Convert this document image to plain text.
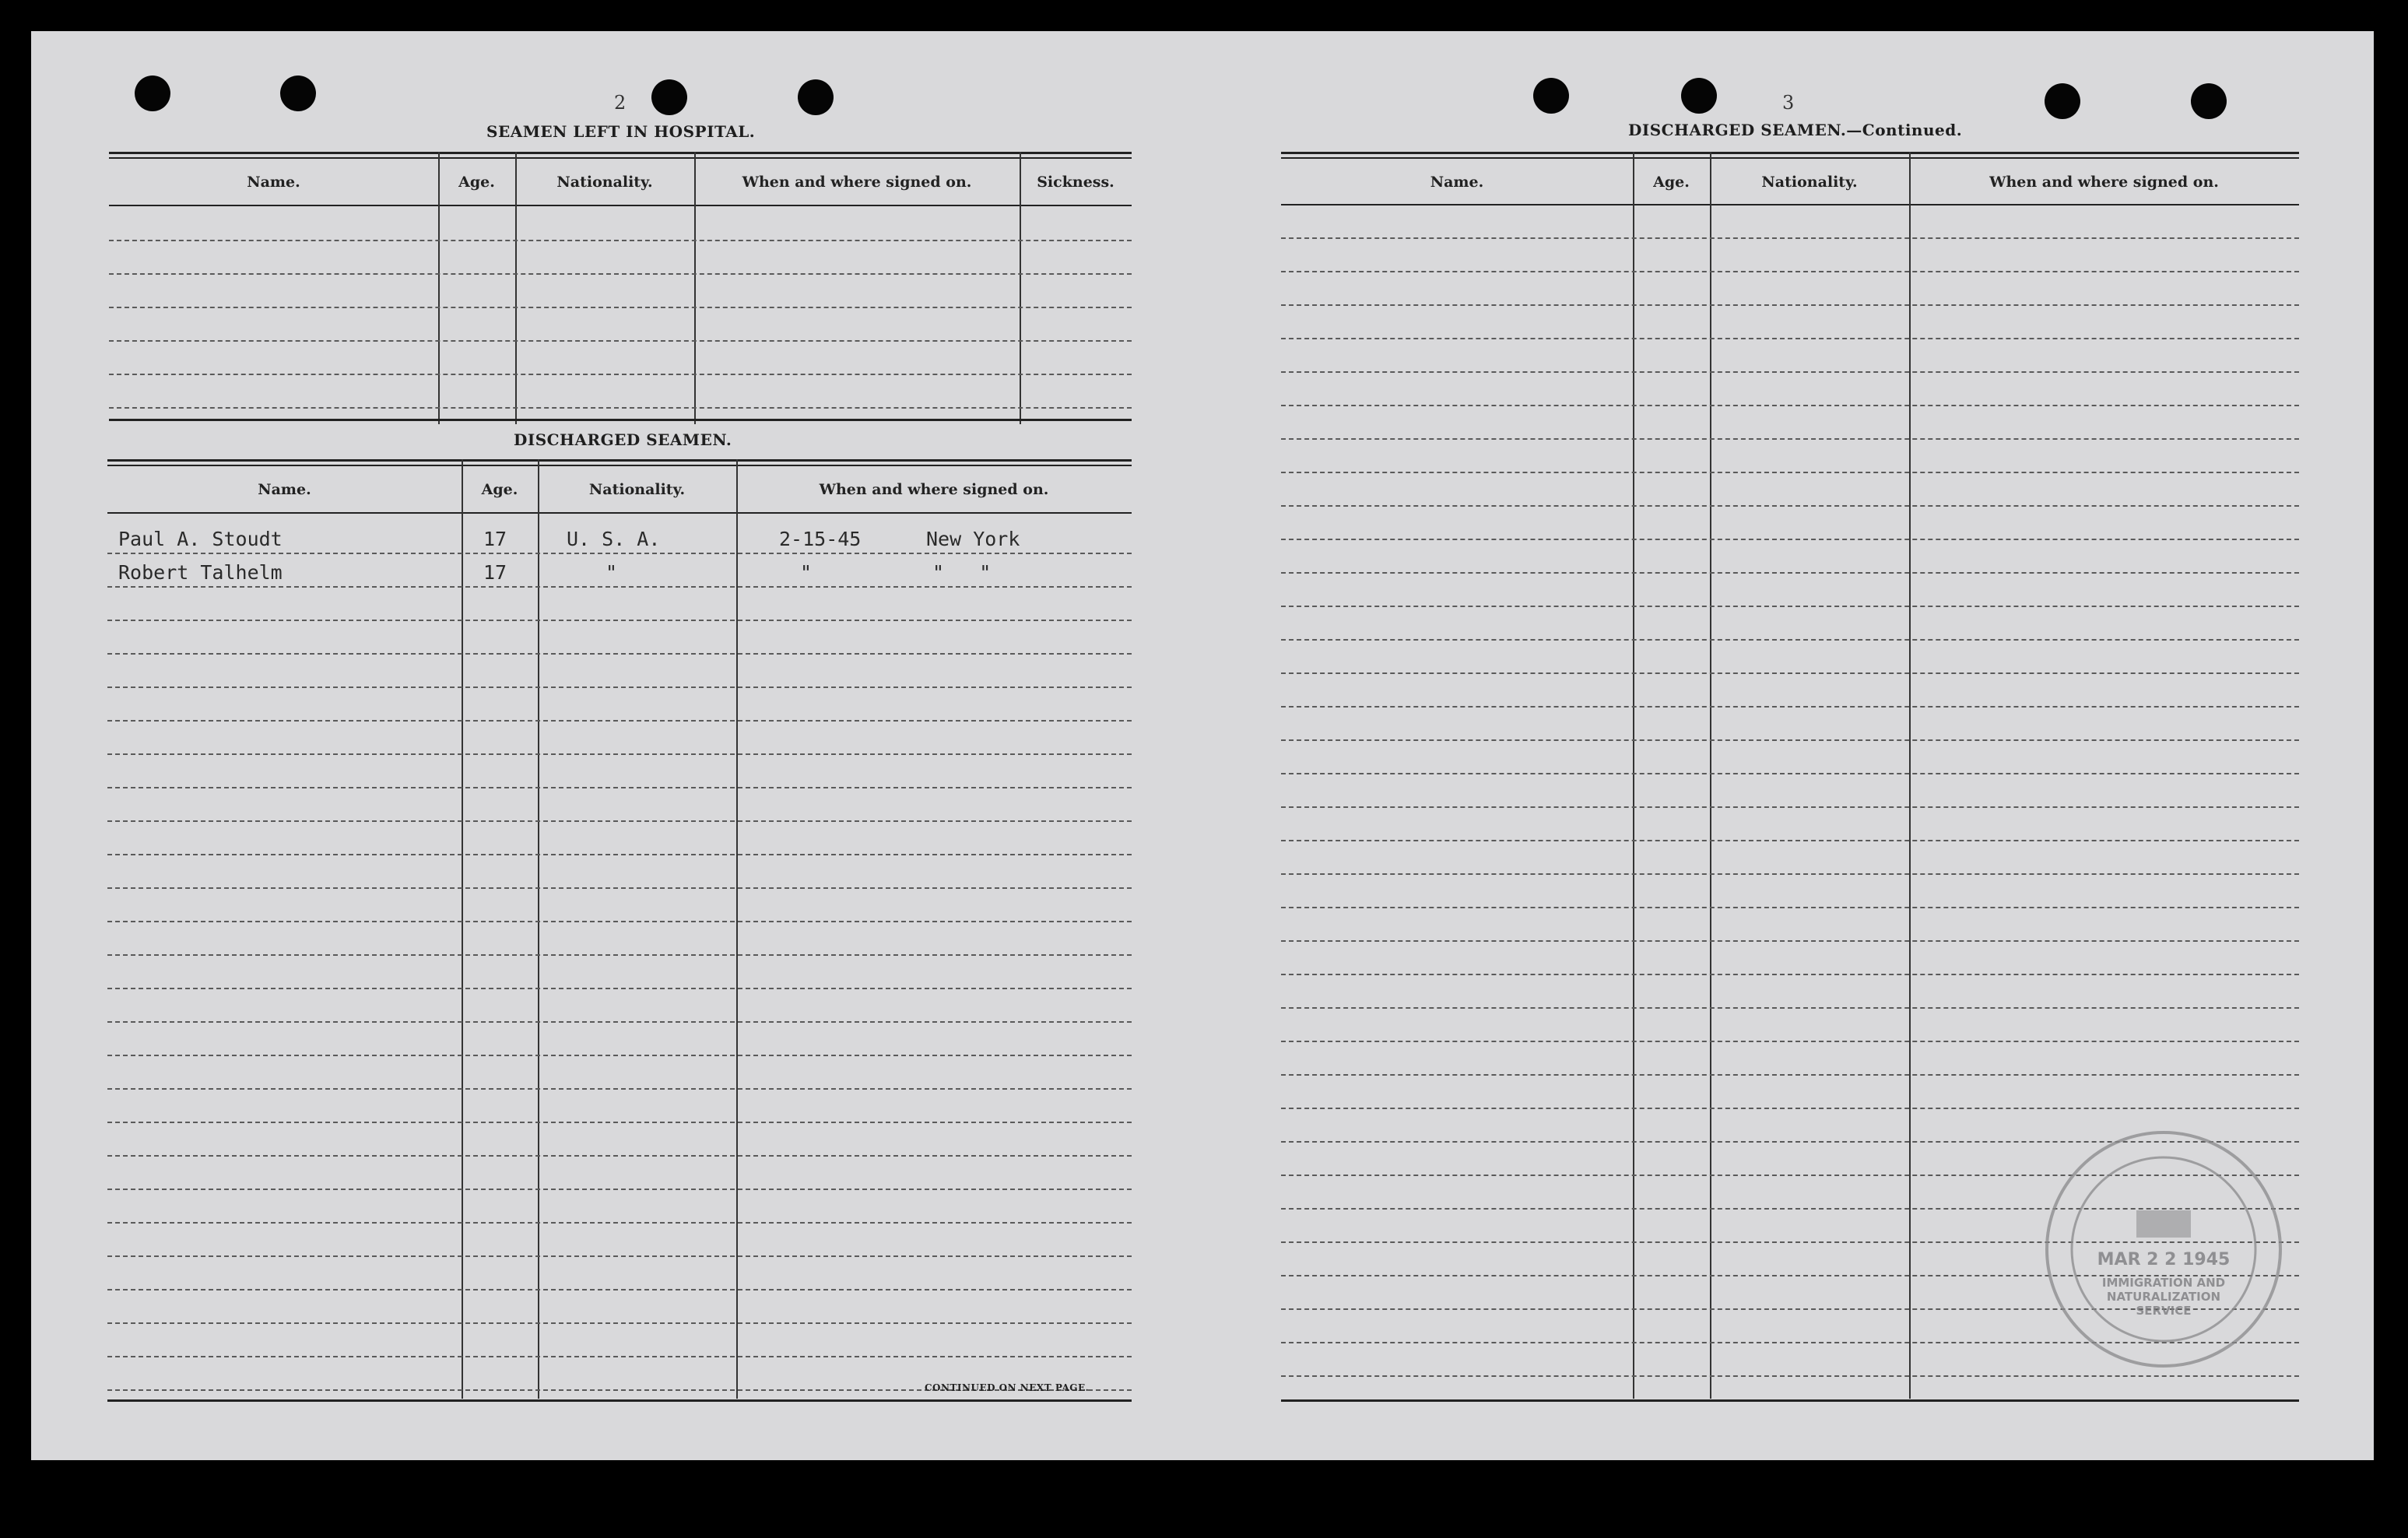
2
SEAMEN LEFT IN HOSPITAL.
Name.	Age.	Nationality.	When and where signed on.	Sickness.
DISCHARGED SEAMEN.
Name.	Age.	Nationality.	When and where signed on.
Paul A. Stoudt	17	U. S. A.	2-15-45	New York
Robert Talhelm	17	"	"	"   "
CONTINUED ON NEXT PAGE.
3
DISCHARGED SEAMEN.—Continued.
Name.	Age.	Nationality.	When and where signed on.
MAR 2 2 1945
IMMIGRATION AND
NATURALIZATION
SERVICE
